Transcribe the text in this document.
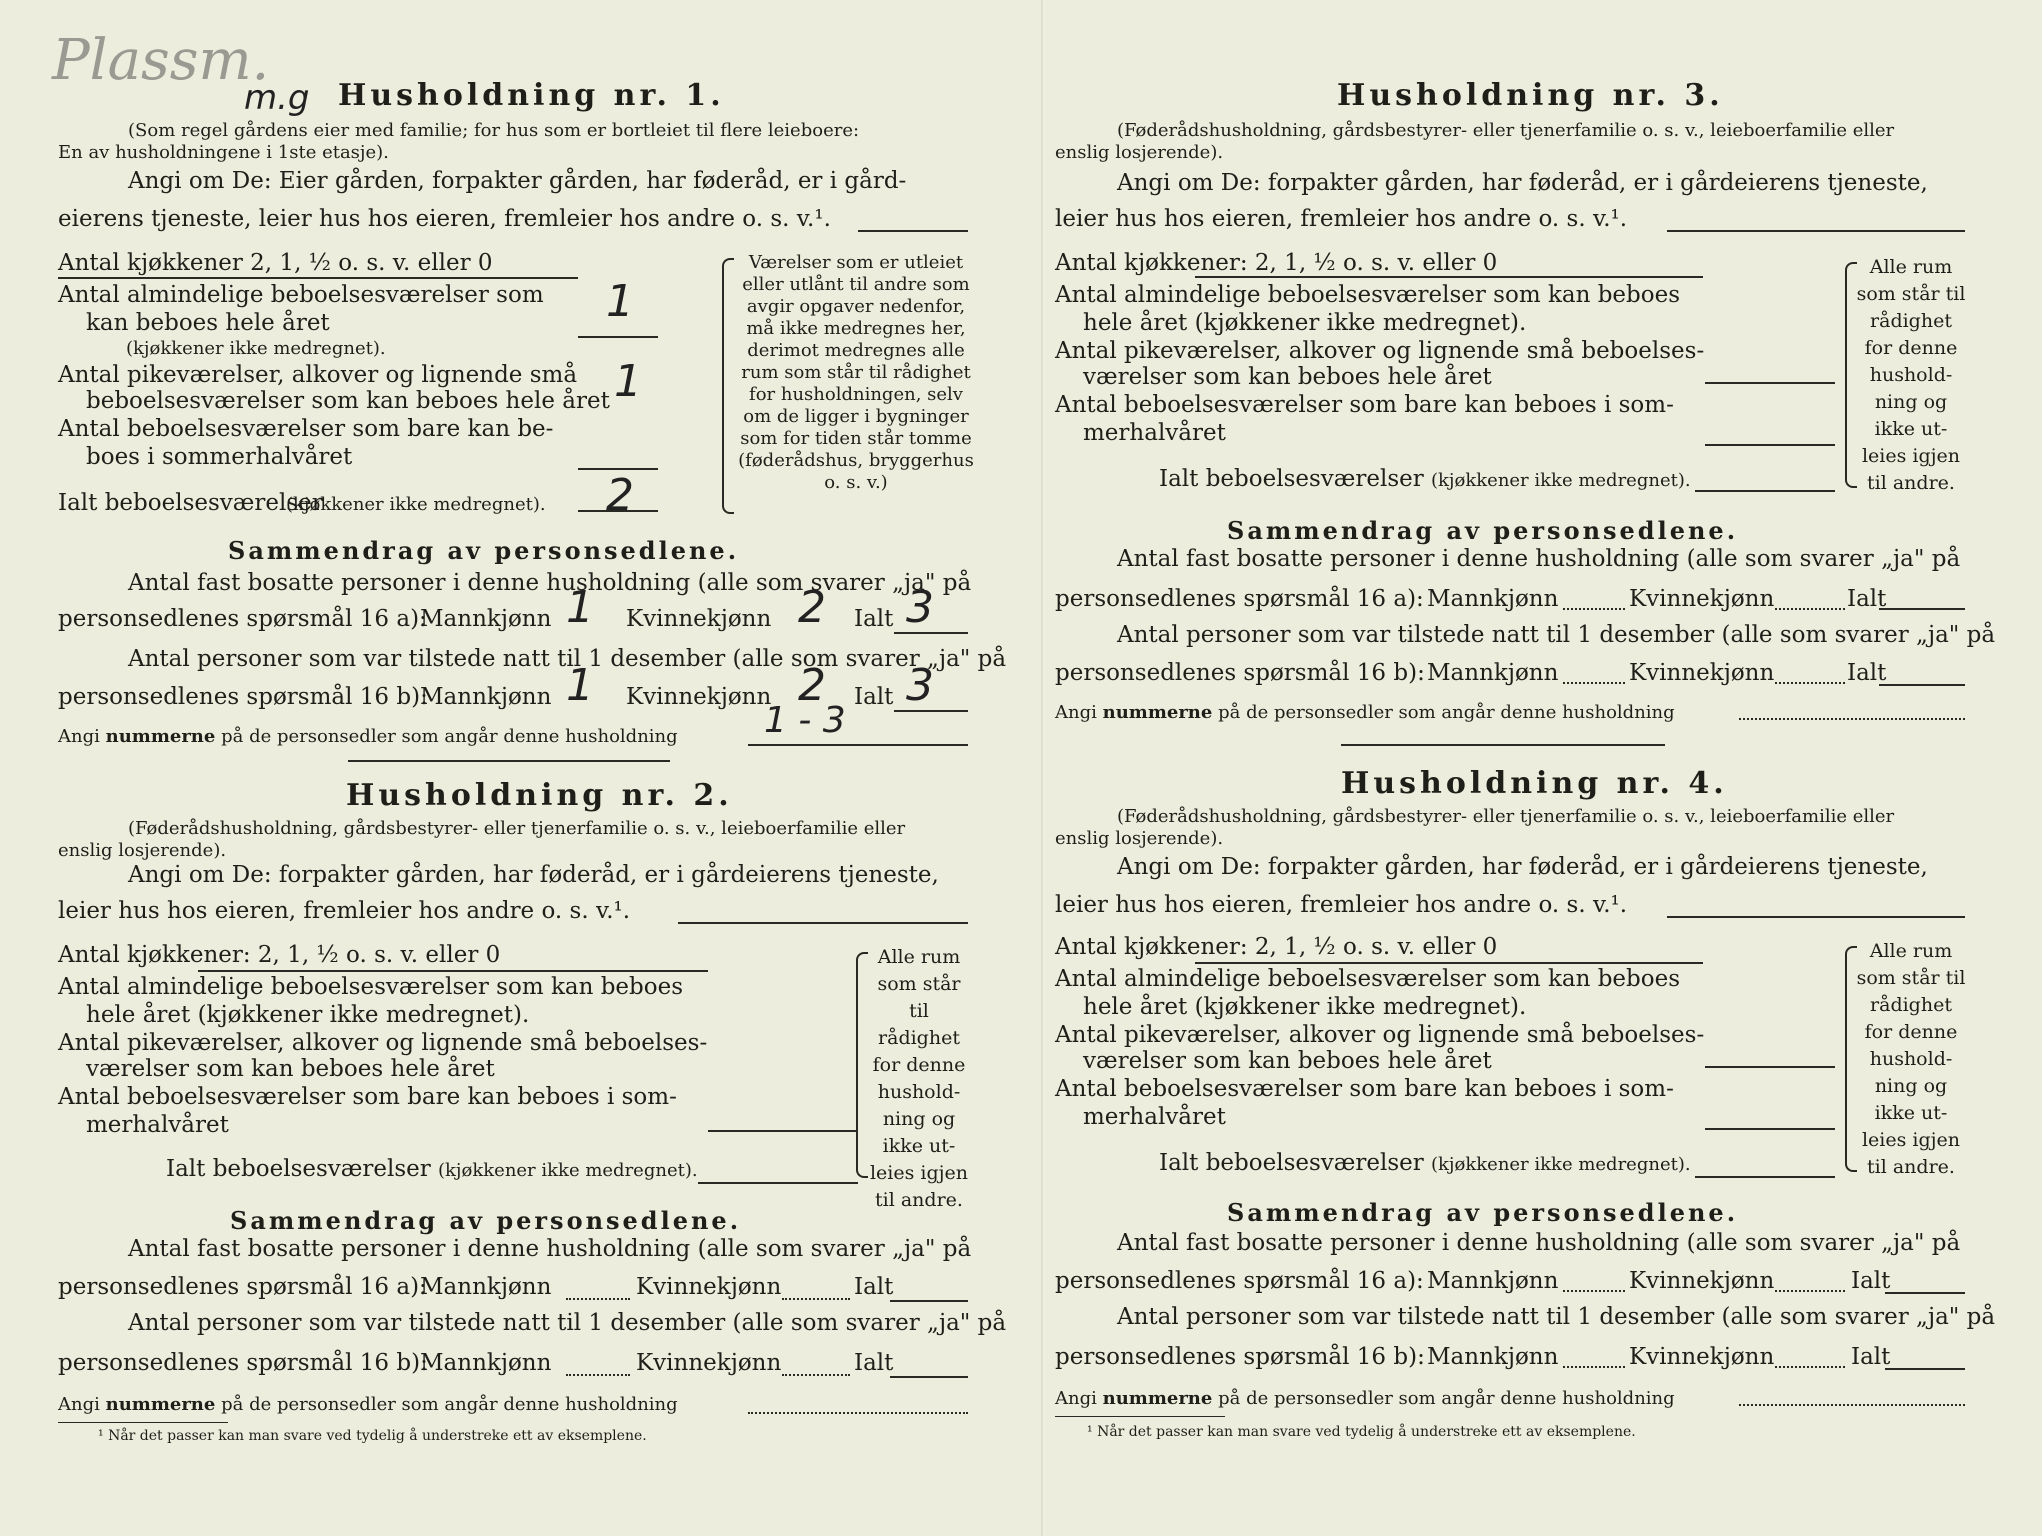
Plassm.
m.g Husholdning nr. 1.
(Som regel gårdens eier med familie; for hus som er bortleiet til flere leieboere:
En av husholdningene i 1ste etasje).
Angi om De: Eier gården, forpakter gården, har føderåd, er i gård-
eierens tjeneste, leier hus hos eieren, fremleier hos andre o. s. v.¹.
Antal kjøkkener 2, 1, ½ o. s. v. eller 0
Antal almindelige beboelsesværelser som
kan beboes hele året
(kjøkkener ikke medregnet).
1
Antal pikeværelser, alkover og lignende små
beboelsesværelser som kan beboes hele året 1
Antal beboelsesværelser som bare kan be-
boes i sommerhalvåret
Ialt beboelsesværelser
(kjøkkener ikke medregnet). 2
Værelser som er utleiet eller utlånt til andre som avgir opgaver nedenfor, må ikke medregnes her, derimot medregnes alle rum som står til rådighet for husholdningen, selv om de ligger i bygninger som for tiden står tomme (føderådshus, bryggerhus o. s. v.)
Sammendrag av personsedlene.
Antal fast bosatte personer i denne husholdning (alle som svarer „ja" på
personsedlenes spørsmål 16 a):
Mannkjønn 1 Kvinnekjønn 2 Ialt 3
Antal personer som var tilstede natt til 1 desember (alle som svarer „ja" på
personsedlenes spørsmål 16 b):
Mannkjønn 1 Kvinnekjønn 2 Ialt 3
Angi nummerne på de personsedler som angår denne husholdning 1 - 3
Husholdning nr. 2.
(Føderådshusholdning, gårdsbestyrer- eller tjenerfamilie o. s. v., leieboerfamilie eller
enslig losjerende).
Angi om De: forpakter gården, har føderåd, er i gårdeierens tjeneste,
leier hus hos eieren, fremleier hos andre o. s. v.¹.
Antal kjøkkener: 2, 1, ½ o. s. v. eller 0
Antal almindelige beboelsesværelser som kan beboes
hele året (kjøkkener ikke medregnet).
Antal pikeværelser, alkover og lignende små beboelses-
værelser som kan beboes hele året
Antal beboelsesværelser som bare kan beboes i som-
merhalvåret
Ialt beboelsesværelser (kjøkkener ikke medregnet).
Alle rum som står til rådighet for denne hushold-ning og ikke ut-leies igjen til andre.
Sammendrag av personsedlene.
Antal fast bosatte personer i denne husholdning (alle som svarer „ja" på
personsedlenes spørsmål 16 a):
Mannkjønn	Kvinnekjønn	Ialt
Antal personer som var tilstede natt til 1 desember (alle som svarer „ja" på
personsedlenes spørsmål 16 b):
Mannkjønn	Kvinnekjønn	Ialt
Angi nummerne på de personsedler som angår denne husholdning
¹ Når det passer kan man svare ved tydelig å understreke ett av eksemplene.
Husholdning nr. 3.
(Føderådshusholdning, gårdsbestyrer- eller tjenerfamilie o. s. v., leieboerfamilie eller
enslig losjerende).
Angi om De: forpakter gården, har føderåd, er i gårdeierens tjeneste,
leier hus hos eieren, fremleier hos andre o. s. v.¹.
Antal kjøkkener: 2, 1, ½ o. s. v. eller 0
Antal almindelige beboelsesværelser som kan beboes
hele året (kjøkkener ikke medregnet).
Antal pikeværelser, alkover og lignende små beboelses-
værelser som kan beboes hele året
Antal beboelsesværelser som bare kan beboes i som-
merhalvåret
Ialt beboelsesværelser (kjøkkener ikke medregnet).
Alle rum som står til rådighet for denne hushold-ning og ikke ut-leies igjen til andre.
Sammendrag av personsedlene.
Antal fast bosatte personer i denne husholdning (alle som svarer „ja" på
personsedlenes spørsmål 16 a): Mannkjønn	Kvinnekjønn	Ialt
Antal personer som var tilstede natt til 1 desember (alle som svarer „ja" på
personsedlenes spørsmål 16 b): Mannkjønn	Kvinnekjønn	Ialt
Angi nummerne på de personsedler som angår denne husholdning
Husholdning nr. 4.
(Føderådshusholdning, gårdsbestyrer- eller tjenerfamilie o. s. v., leieboerfamilie eller
enslig losjerende).
Angi om De: forpakter gården, har føderåd, er i gårdeierens tjeneste,
leier hus hos eieren, fremleier hos andre o. s. v.¹.
Antal kjøkkener: 2, 1, ½ o. s. v. eller 0
Antal almindelige beboelsesværelser som kan beboes
hele året (kjøkkener ikke medregnet).
Antal pikeværelser, alkover og lignende små beboelses-
værelser som kan beboes hele året
Antal beboelsesværelser som bare kan beboes i som-
merhalvåret
Ialt beboelsesværelser (kjøkkener ikke medregnet).
Alle rum som står til rådighet for denne hushold-ning og ikke ut-leies igjen til andre.
Sammendrag av personsedlene.
Antal fast bosatte personer i denne husholdning (alle som svarer „ja" på
personsedlenes spørsmål 16 a): Mannkjønn	Kvinnekjønn	Ialt
Antal personer som var tilstede natt til 1 desember (alle som svarer „ja" på
personsedlenes spørsmål 16 b): Mannkjønn	Kvinnekjønn	Ialt
Angi nummerne på de personsedler som angår denne husholdning
¹ Når det passer kan man svare ved tydelig å understreke ett av eksemplene.
